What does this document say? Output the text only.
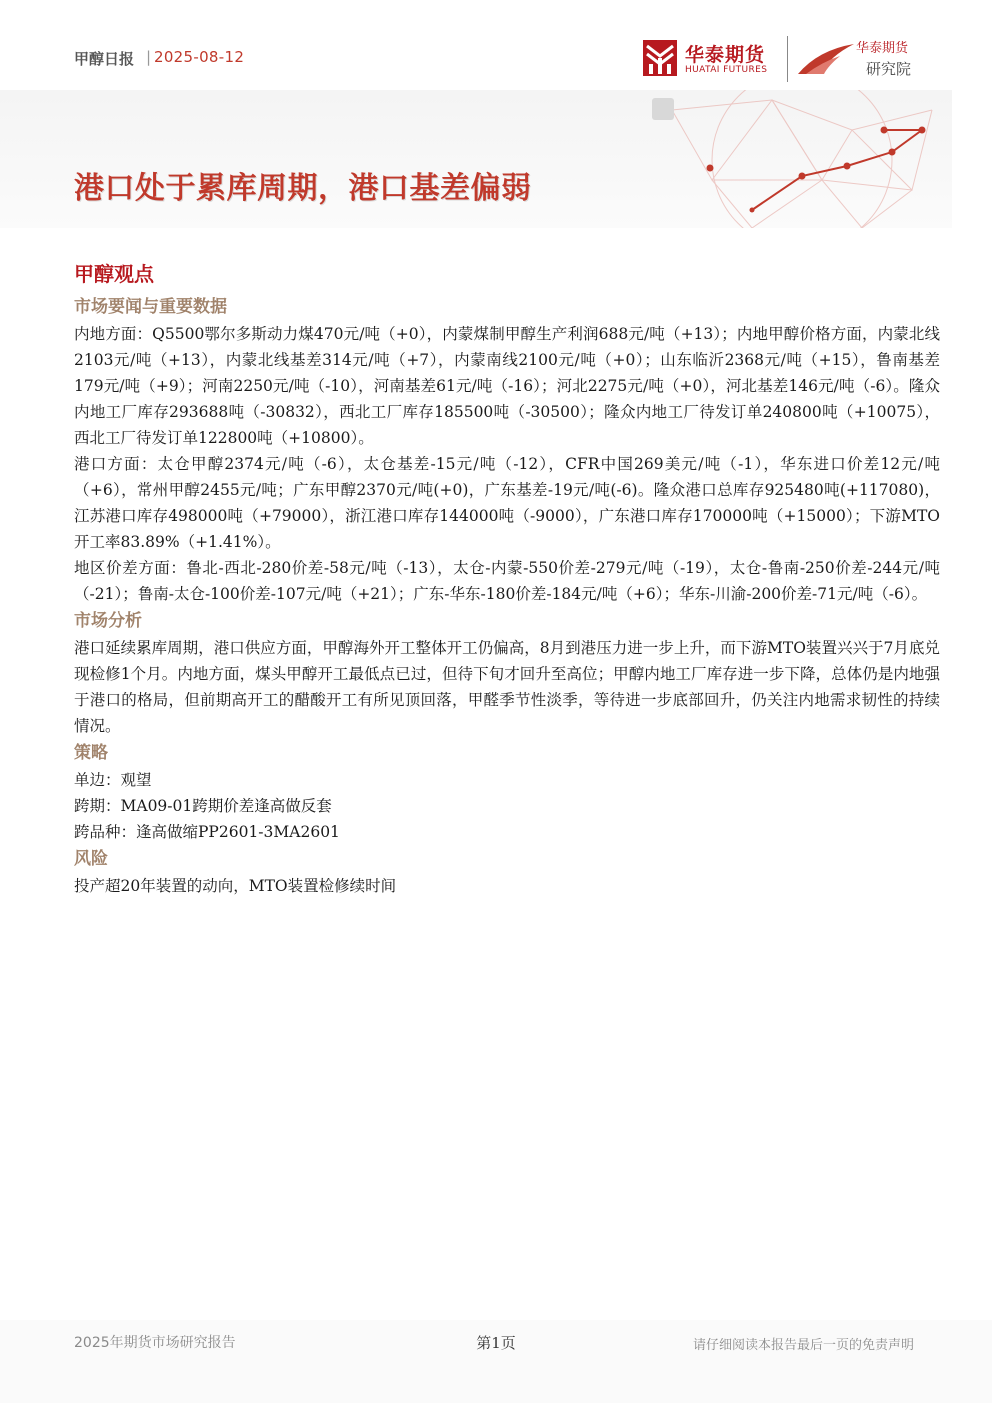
甲醇日报 | 2025-08-12	华泰期货
HUATAI FUTURES
华泰期货
研究院
港口处于累库周期，港口基差偏弱
甲醇观点
市场要闻与重要数据

内地方面：Q5500鄂尔多斯动力煤470元/吨（+0），内蒙煤制甲醇生产利润688元/吨（+13）；内地甲醇价格方面，内蒙北线2103元/吨（+13），内蒙北线基差314元/吨（+7），内蒙南线2100元/吨（+0）；山东临沂2368元/吨（+15），鲁南基差179元/吨（+9）；河南2250元/吨（-10），河南基差61元/吨（-16）；河北2275元/吨（+0），河北基差146元/吨（-6）。隆众内地工厂库存293688吨（-30832），西北工厂库存185500吨（-30500）；隆众内地工厂待发订单240800吨（+10075），西北工厂待发订单122800吨（+10800）。

港口方面：太仓甲醇2374元/吨（-6），太仓基差-15元/吨（-12），CFR中国269美元/吨（-1），华东进口价差12元/吨（+6），常州甲醇2455元/吨；广东甲醇2370元/吨(+0)，广东基差-19元/吨(-6)。隆众港口总库存925480吨(+117080)，江苏港口库存498000吨（+79000），浙江港口库存144000吨（-9000），广东港口库存170000吨（+15000）；下游MTO开工率83.89%（+1.41%）。

地区价差方面：鲁北-西北-280价差-58元/吨（-13），太仓-内蒙-550价差-279元/吨（-19），太仓-鲁南-250价差-244元/吨（-21）；鲁南-太仓-100价差-107元/吨（+21）；广东-华东-180价差-184元/吨（+6）；华东-川渝-200价差-71元/吨（-6）。

市场分析

港口延续累库周期，港口供应方面，甲醇海外开工整体开工仍偏高，8月到港压力进一步上升，而下游MTO装置兴兴于7月底兑现检修1个月。内地方面，煤头甲醇开工最低点已过，但待下旬才回升至高位；甲醇内地工厂库存进一步下降，总体仍是内地强于港口的格局，但前期高开工的醋酸开工有所见顶回落，甲醛季节性淡季，等待进一步底部回升，仍关注内地需求韧性的持续情况。

策略

单边：观望

跨期：MA09-01跨期价差逢高做反套

跨品种：逢高做缩PP2601-3MA2601

风险

投产超20年装置的动向，MTO装置检修续时间

2025年期货市场研究报告	第1页	请仔细阅读本报告最后一页的免责声明
